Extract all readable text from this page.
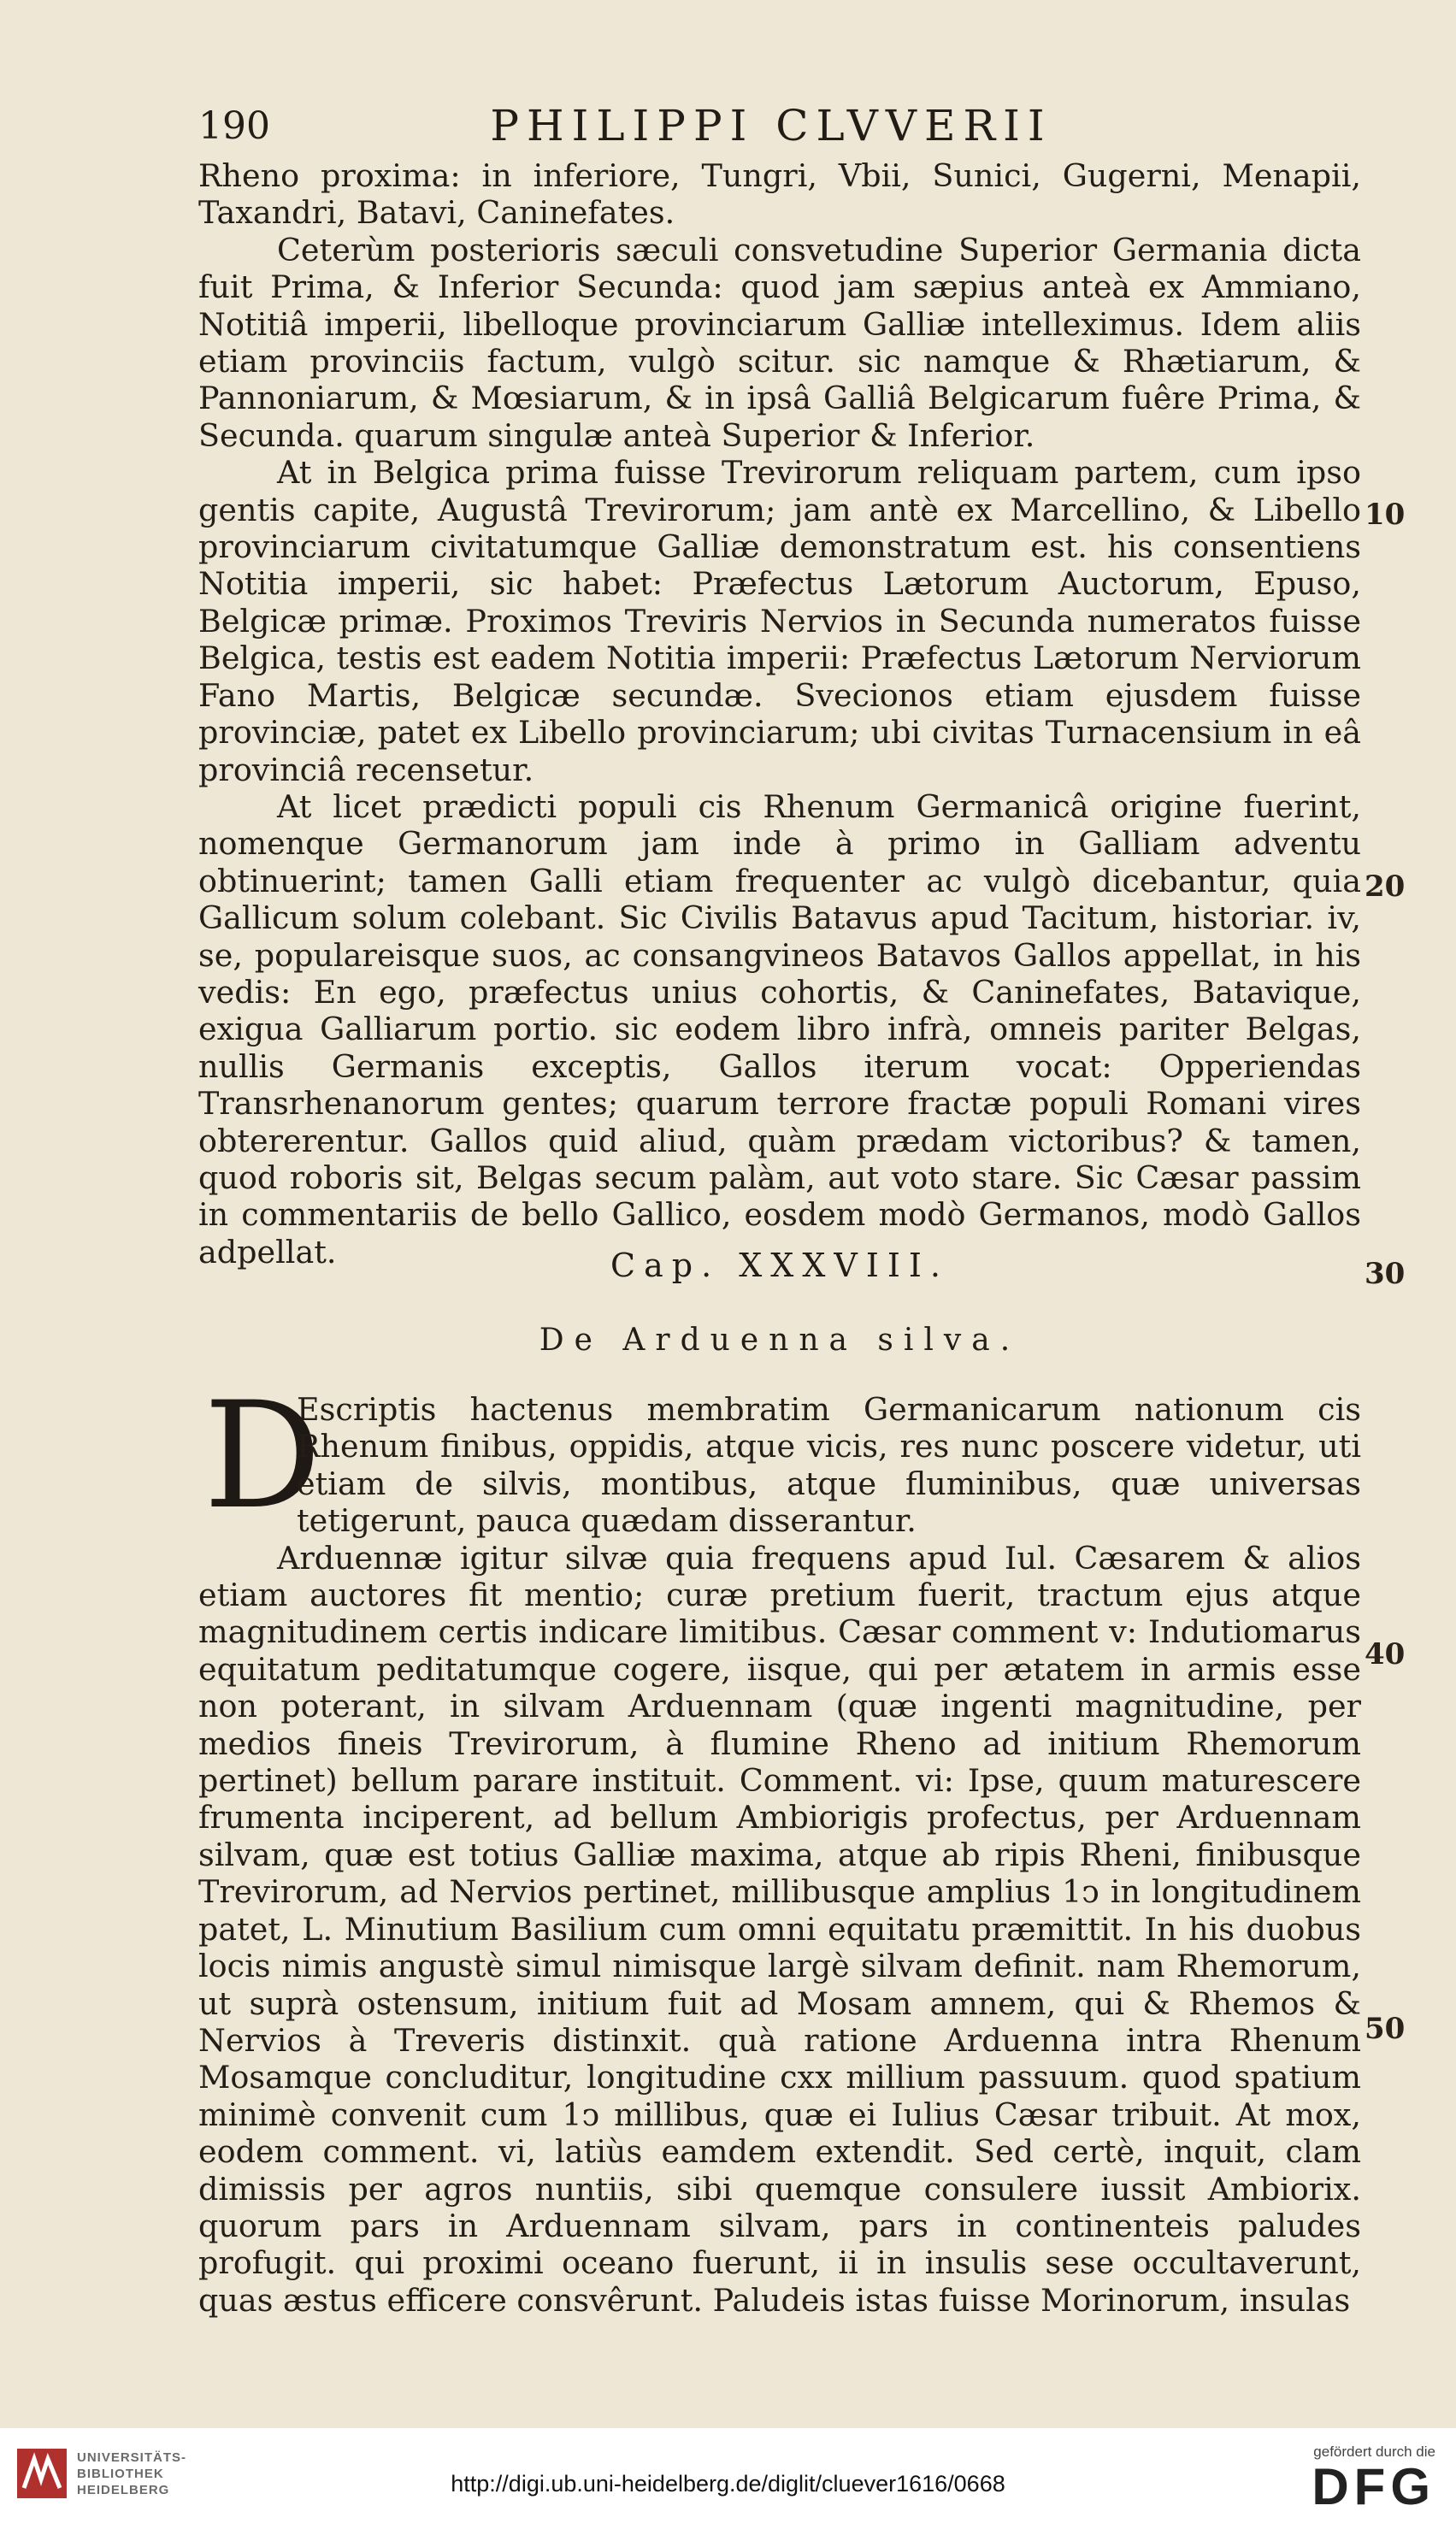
190	PHILIPPI CLVVERII

Rheno proxima: in inferiore, Tungri, Vbii, Sunici, Gugerni, Menapii, Taxandri, Batavi, Caninefates.

Ceterùm posterioris sæculi consvetudine Superior Germania dicta fuit Prima, & Inferior Secunda: quod jam sæpius anteà ex Ammiano, Notitiâ imperii, libelloque provinciarum Galliæ intelleximus. Idem aliis etiam provinciis factum, vulgò scitur. sic namque & Rhætiarum, & Pannoniarum, & Mœsiarum, & in ipsâ Galliâ Belgicarum fuêre Prima, & Secunda. quarum singulæ anteà Superior & Inferior.

At in Belgica prima fuisse Trevirorum reliquam partem, cum ipso gentis capite, Augustâ Trevirorum; jam antè ex Marcellino, & Libello provinciarum civitatumque Galliæ demonstratum est. his consentiens Notitia imperii, sic habet: Præfectus Lætorum Auctorum, Epuso, Belgicæ primæ. Proximos Treviris Nervios in Secunda numeratos fuisse Belgica, testis est eadem Notitia imperii: Præfectus Lætorum Nerviorum Fano Martis, Belgicæ secundæ. Svecionos etiam ejusdem fuisse provinciæ, patet ex Libello provinciarum; ubi civitas Turnacensium in eâ provinciâ recensetur.

At licet prædicti populi cis Rhenum Germanicâ origine fuerint, nomenque Germanorum jam inde à primo in Galliam adventu obtinuerint; tamen Galli etiam frequenter ac vulgò dicebantur, quia Gallicum solum colebant. Sic Civilis Batavus apud Tacitum, historiar. iv, se, populareisque suos, ac consangvineos Batavos Gallos appellat, in his vedis: En ego, præfectus unius cohortis, & Caninefates, Batavique, exigua Galliarum portio. sic eodem libro infrà, omneis pariter Belgas, nullis Germanis exceptis, Gallos iterum vocat: Opperiendas Transrhenanorum gentes; quarum terrore fractæ populi Romani vires obtererentur. Gallos quid aliud, quàm prædam victoribus? & tamen, quod roboris sit, Belgas secum palàm, aut voto stare. Sic Cæsar passim in commentariis de bello Gallico, eosdem modò Germanos, modò Gallos adpellat.

10
20
30
40
50
Cap. XXXVIII.
De Arduenna silva.
D

Escriptis hactenus membratim Germanicarum nationum cis Rhenum finibus, oppidis, atque vicis, res nunc poscere videtur, uti etiam de silvis, montibus, atque fluminibus, quæ universas tetigerunt, pauca quædam disserantur.

Arduennæ igitur silvæ quia frequens apud Iul. Cæsarem & alios etiam auctores fit mentio; curæ pretium fuerit, tractum ejus atque magnitudinem certis indicare limitibus. Cæsar comment v: Indutiomarus equitatum peditatumque cogere, iisque, qui per ætatem in armis esse non poterant, in silvam Arduennam (quæ ingenti magnitudine, per medios fineis Trevirorum, à flumine Rheno ad initium Rhemorum pertinet) bellum parare instituit. Comment. vi: Ipse, quum maturescere frumenta inciperent, ad bellum Ambiorigis profectus, per Arduennam silvam, quæ est totius Galliæ maxima, atque ab ripis Rheni, finibusque Trevirorum, ad Nervios pertinet, millibusque amplius 1ↄ in longitudinem patet, L. Minutium Basilium cum omni equitatu præmittit. In his duobus locis nimis angustè simul nimisque largè silvam definit. nam Rhemorum, ut suprà ostensum, initium fuit ad Mosam amnem, qui & Rhemos & Nervios à Treveris distinxit. quà ratione Arduenna intra Rhenum Mosamque concluditur, longitudine cxx millium passuum. quod spatium minimè convenit cum 1ↄ millibus, quæ ei Iulius Cæsar tribuit. At mox, eodem comment. vi, latiùs eamdem extendit. Sed certè, inquit, clam dimissis per agros nuntiis, sibi quemque consulere iussit Ambiorix. quorum pars in Arduennam silvam, pars in continenteis paludes profugit. qui proximi oceano fuerunt, ii in insulis sese occultaverunt, quas æstus efficere consvêrunt. Paludeis istas fuisse Morinorum, insulas

UNIVERSITÄTS-
BIBLIOTHEK
HEIDELBERG	http://digi.ub.uni-heidelberg.de/diglit/cluever1616/0668
gefördert durch die
DFG
